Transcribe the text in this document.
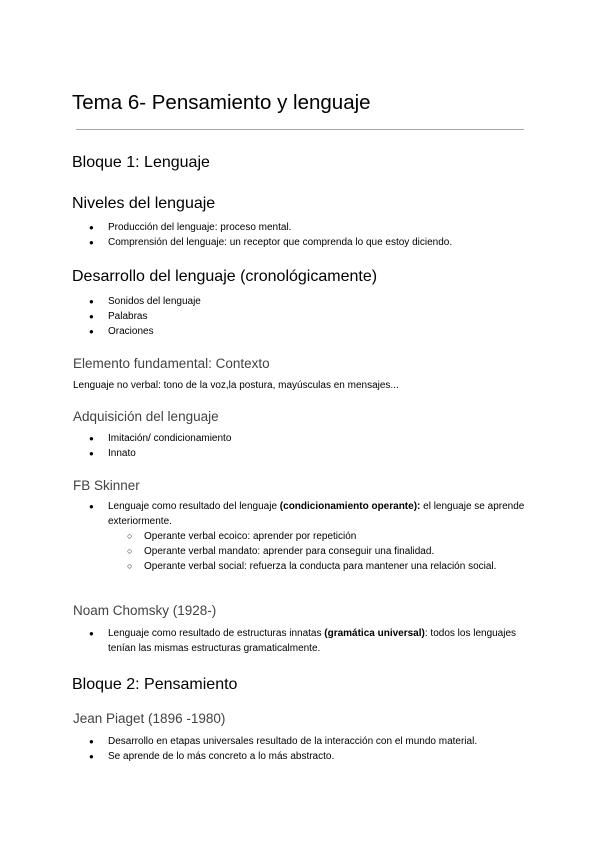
Tema 6- Pensamiento y lenguaje
Bloque 1: Lenguaje
Niveles del lenguaje
● Producción del lenguaje: proceso mental.
● Comprensión del lenguaje: un receptor que comprenda lo que estoy diciendo.
Desarrollo del lenguaje (cronológicamente)
● Sonidos del lenguaje
● Palabras
● Oraciones
Elemento fundamental: Contexto

Lenguaje no verbal: tono de la voz,la postura, mayúsculas en mensajes...

Adquisición del lenguaje
● Imitación/ condicionamiento
● Innato
FB Skinner
● Lenguaje como resultado del lenguaje (condicionamiento operante): el lenguaje se aprende exteriormente.
○ Operante verbal ecoico: aprender por repetición
○ Operante verbal mandato: aprender para conseguir una finalidad.
○ Operante verbal social: refuerza la conducta para mantener una relación social.
Noam Chomsky (1928-)
● Lenguaje como resultado de estructuras innatas (gramática universal): todos los lenguajes tenían las mismas estructuras gramaticalmente.
Bloque 2: Pensamiento
Jean Piaget (1896 -1980)
● Desarrollo en etapas universales resultado de la interacción con el mundo material.
● Se aprende de lo más concreto a lo más abstracto.
